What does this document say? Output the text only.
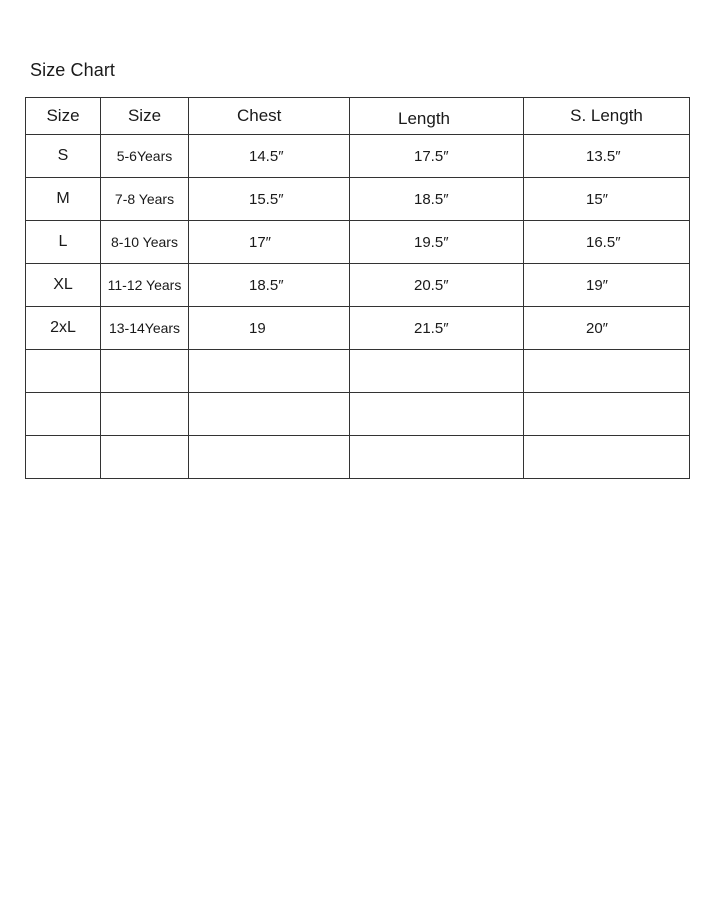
Size Chart
Size	Size	Chest	Length	S. Length
S	5-6Years	14.5″	17.5″	13.5″
M	7-8 Years	15.5″	18.5″	15″
L	8-10 Years	17″	19.5″	16.5″
XL	11-12 Years	18.5″	20.5″	19″
2xL	13-14Years	19	21.5″	20″
